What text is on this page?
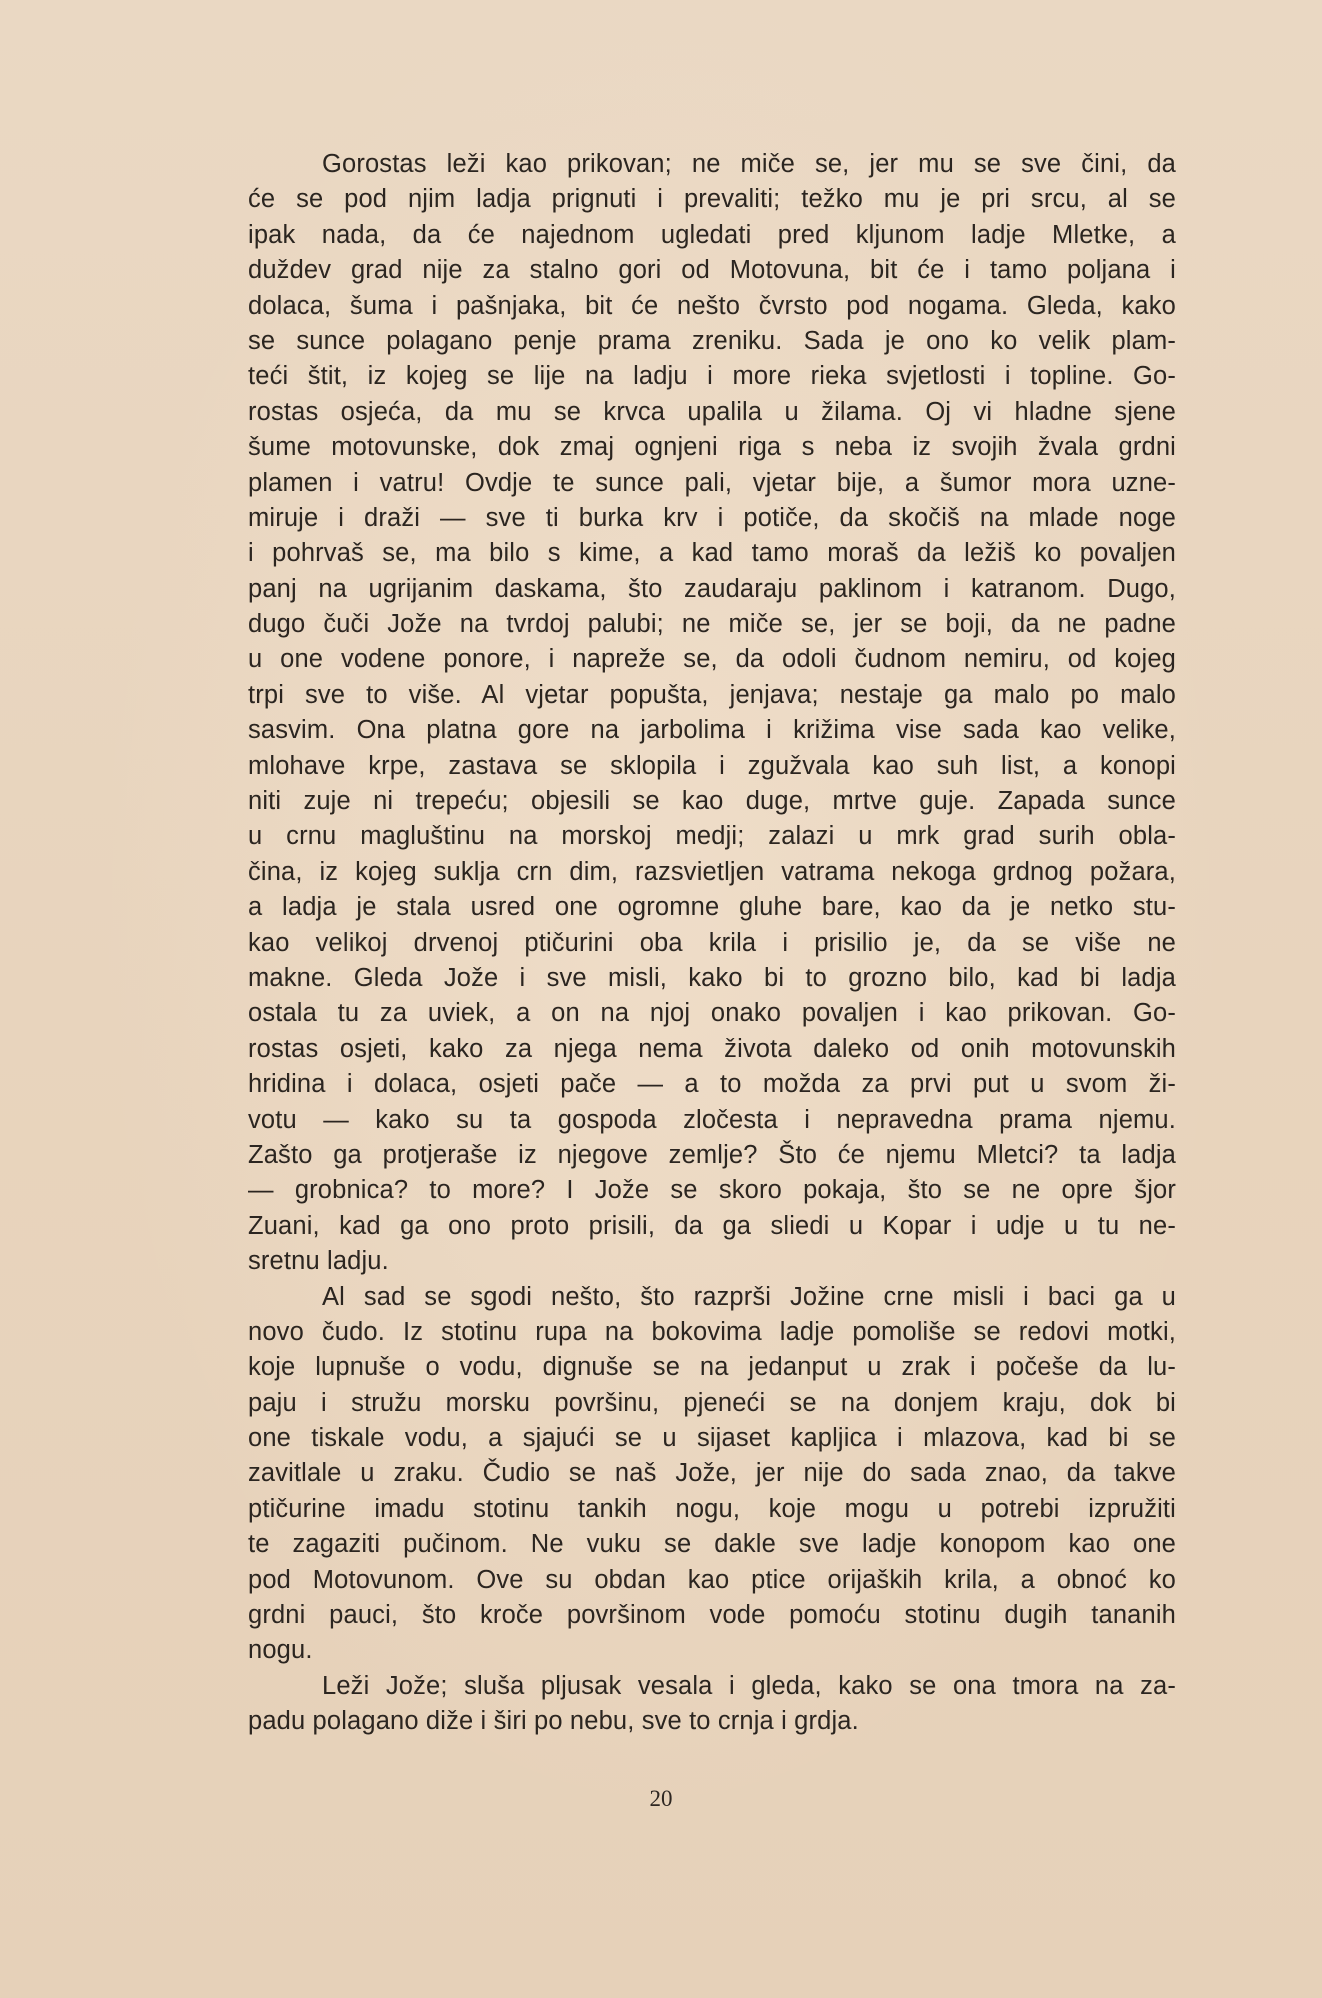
Gorostas leži kao prikovan; ne miče se, jer mu se sve čini, da
će se pod njim ladja prignuti i prevaliti; težko mu je pri srcu, al se
ipak nada, da će najednom ugledati pred kljunom ladje Mletke, a
duždev grad nije za stalno gori od Motovuna, bit će i tamo poljana i
dolaca, šuma i pašnjaka, bit će nešto čvrsto pod nogama. Gleda, kako
se sunce polagano penje prama zreniku. Sada je ono ko velik plam-
teći štit, iz kojeg se lije na ladju i more rieka svjetlosti i topline. Go-
rostas osjeća, da mu se krvca upalila u žilama. Oj vi hladne sjene
šume motovunske, dok zmaj ognjeni riga s neba iz svojih žvala grdni
plamen i vatru! Ovdje te sunce pali, vjetar bije, a šumor mora uzne-
miruje i draži — sve ti burka krv i potiče, da skočiš na mlade noge
i pohrvaš se, ma bilo s kime, a kad tamo moraš da ležiš ko povaljen
panj na ugrijanim daskama, što zaudaraju paklinom i katranom. Dugo,
dugo čuči Jože na tvrdoj palubi; ne miče se, jer se boji, da ne padne
u one vodene ponore, i napreže se, da odoli čudnom nemiru, od kojeg
trpi sve to više. Al vjetar popušta, jenjava; nestaje ga malo po malo
sasvim. Ona platna gore na jarbolima i križima vise sada kao velike,
mlohave krpe, zastava se sklopila i zgužvala kao suh list, a konopi
niti zuje ni trepeću; objesili se kao duge, mrtve guje. Zapada sunce
u crnu magluštinu na morskoj medji; zalazi u mrk grad surih obla-
čina, iz kojeg suklja crn dim, razsvietljen vatrama nekoga grdnog požara,
a ladja je stala usred one ogromne gluhe bare, kao da je netko stu-
kao velikoj drvenoj ptičurini oba krila i prisilio je, da se više ne
makne. Gleda Jože i sve misli, kako bi to grozno bilo, kad bi ladja
ostala tu za uviek, a on na njoj onako povaljen i kao prikovan. Go-
rostas osjeti, kako za njega nema života daleko od onih motovunskih
hridina i dolaca, osjeti pače — a to možda za prvi put u svom ži-
votu — kako su ta gospoda zločesta i nepravedna prama njemu.
Zašto ga protjeraše iz njegove zemlje? Što će njemu Mletci? ta ladja
— grobnica? to more? I Jože se skoro pokaja, što se ne opre šjor
Zuani, kad ga ono proto prisili, da ga sliedi u Kopar i udje u tu ne-
sretnu ladju.
Al sad se sgodi nešto, što razprši Jožine crne misli i baci ga u
novo čudo. Iz stotinu rupa na bokovima ladje pomoliše se redovi motki,
koje lupnuše o vodu, dignuše se na jedanput u zrak i počeše da lu-
paju i stružu morsku površinu, pjeneći se na donjem kraju, dok bi
one tiskale vodu, a sjajući se u sijaset kapljica i mlazova, kad bi se
zavitlale u zraku. Čudio se naš Jože, jer nije do sada znao, da takve
ptičurine imadu stotinu tankih nogu, koje mogu u potrebi izpružiti
te zagaziti pučinom. Ne vuku se dakle sve ladje konopom kao one
pod Motovunom. Ove su obdan kao ptice orijaških krila, a obnoć ko
grdni pauci, što kroče površinom vode pomoću stotinu dugih tananih
nogu.
Leži Jože; sluša pljusak vesala i gleda, kako se ona tmora na za-
padu polagano diže i širi po nebu, sve to crnja i grdja.
20
